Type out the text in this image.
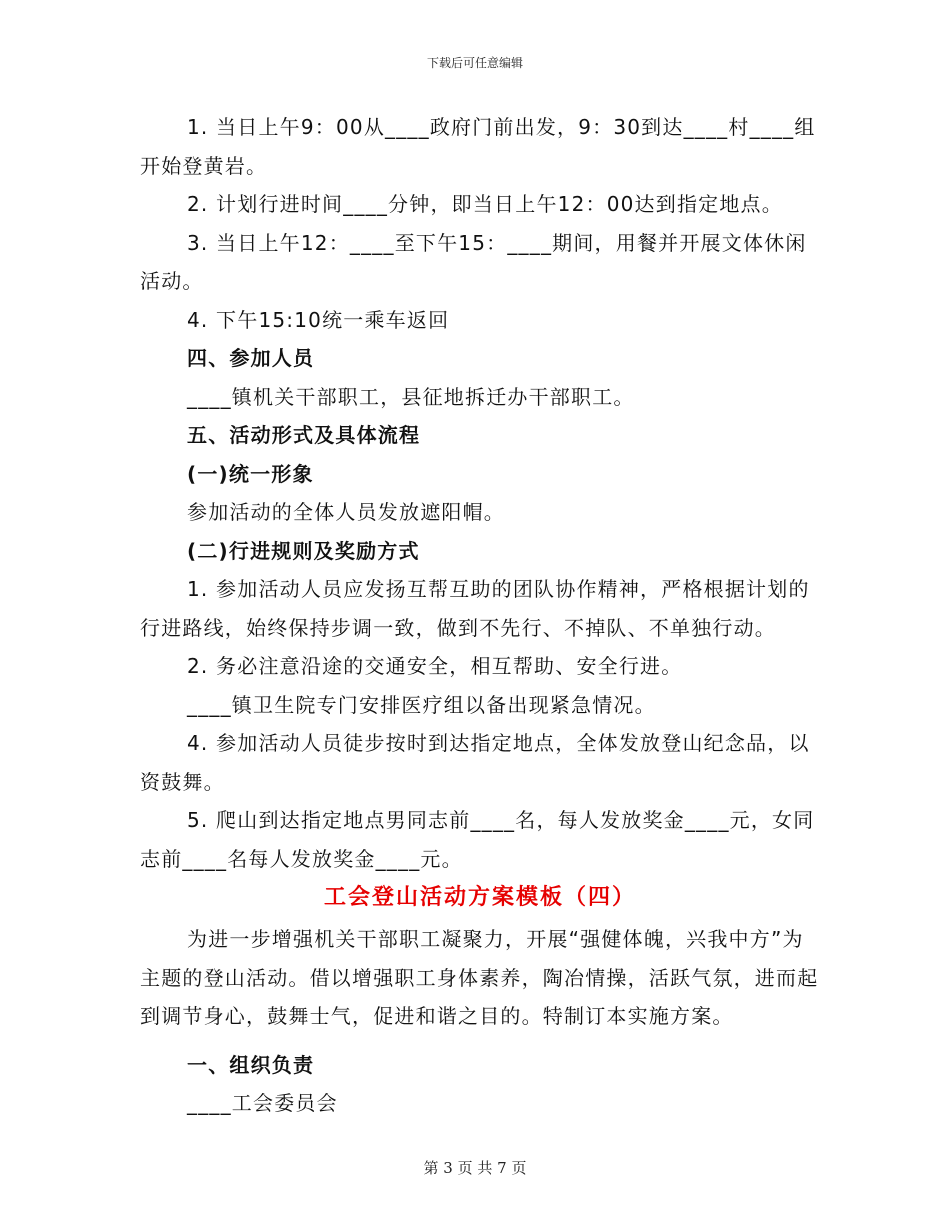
下载后可任意编辑

1. 当日上午9：00从____政府门前出发，9：30到达____村____组开始登黄岩。

2. 计划行进时间____分钟，即当日上午12：00达到指定地点。

3. 当日上午12：____至下午15：____期间，用餐并开展文体休闲活动。

4. 下午15:10统一乘车返回

四、参加人员

____镇机关干部职工，县征地拆迁办干部职工。

五、活动形式及具体流程

(一)统一形象

参加活动的全体人员发放遮阳帽。

(二)行进规则及奖励方式

1. 参加活动人员应发扬互帮互助的团队协作精神，严格根据计划的行进路线，始终保持步调一致，做到不先行、不掉队、不单独行动。

2. 务必注意沿途的交通安全，相互帮助、安全行进。

____镇卫生院专门安排医疗组以备出现紧急情况。

4. 参加活动人员徒步按时到达指定地点，全体发放登山纪念品，以资鼓舞。

5. 爬山到达指定地点男同志前____名，每人发放奖金____元，女同志前____名每人发放奖金____元。

工会登山活动方案模板（四）

为进一步增强机关干部职工凝聚力，开展“强健体魄，兴我中方”为主题的登山活动。借以增强职工身体素养，陶冶情操，活跃气氛，进而起到调节身心，鼓舞士气，促进和谐之目的。特制订本实施方案。

一、组织负责

____工会委员会

第 3 页 共 7 页
